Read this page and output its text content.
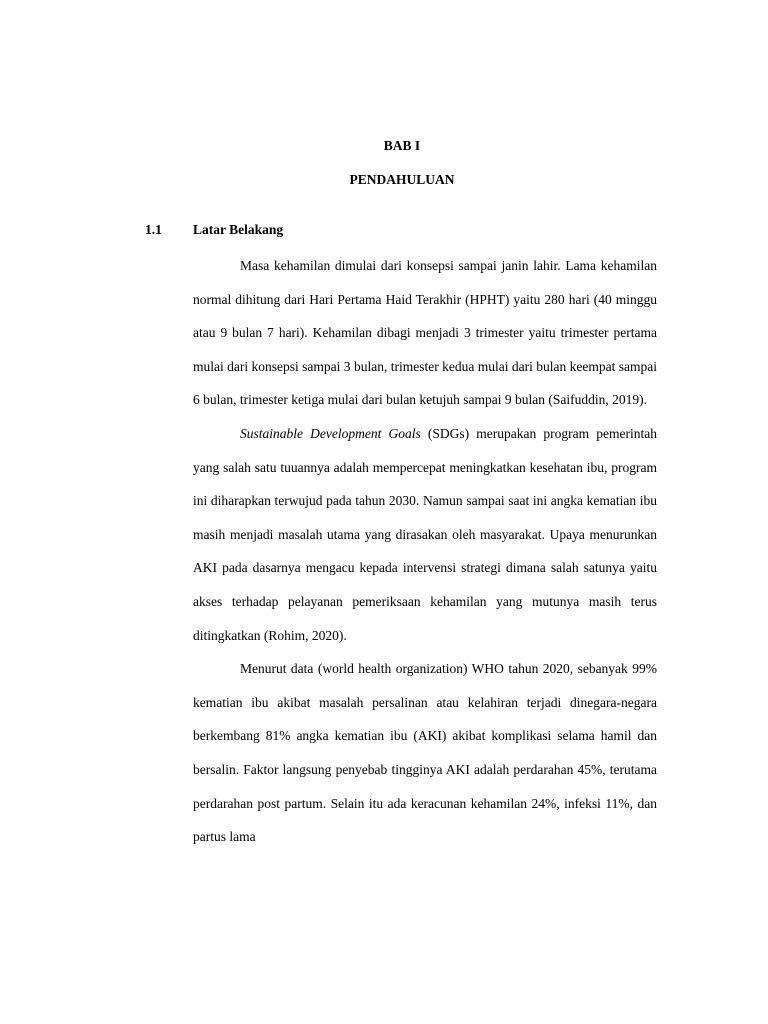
BAB I
PENDAHULUAN
1.1 Latar Belakang

Masa kehamilan dimulai dari konsepsi sampai janin lahir. Lama kehamilan normal dihitung dari Hari Pertama Haid Terakhir (HPHT) yaitu 280 hari (40 minggu atau 9 bulan 7 hari). Kehamilan dibagi menjadi 3 trimester yaitu trimester pertama mulai dari konsepsi sampai 3 bulan, trimester kedua mulai dari bulan keempat sampai 6 bulan, trimester ketiga mulai dari bulan ketujuh sampai 9 bulan (Saifuddin, 2019).

Sustainable Development Goals (SDGs) merupakan program pemerintah yang salah satu tuuannya adalah mempercepat meningkatkan kesehatan ibu, program ini diharapkan terwujud pada tahun 2030. Namun sampai saat ini angka kematian ibu masih menjadi masalah utama yang dirasakan oleh masyarakat. Upaya menurunkan AKI pada dasarnya mengacu kepada intervensi strategi dimana salah satunya yaitu akses terhadap pelayanan pemeriksaan kehamilan yang mutunya masih terus ditingkatkan (Rohim, 2020).

Menurut data (world health organization) WHO tahun 2020, sebanyak 99% kematian ibu akibat masalah persalinan atau kelahiran terjadi dinegara-negara berkembang 81% angka kematian ibu (AKI) akibat komplikasi selama hamil dan bersalin. Faktor langsung penyebab tingginya AKI adalah perdarahan 45%, terutama perdarahan post partum. Selain itu ada keracunan kehamilan 24%, infeksi 11%, dan partus lama
